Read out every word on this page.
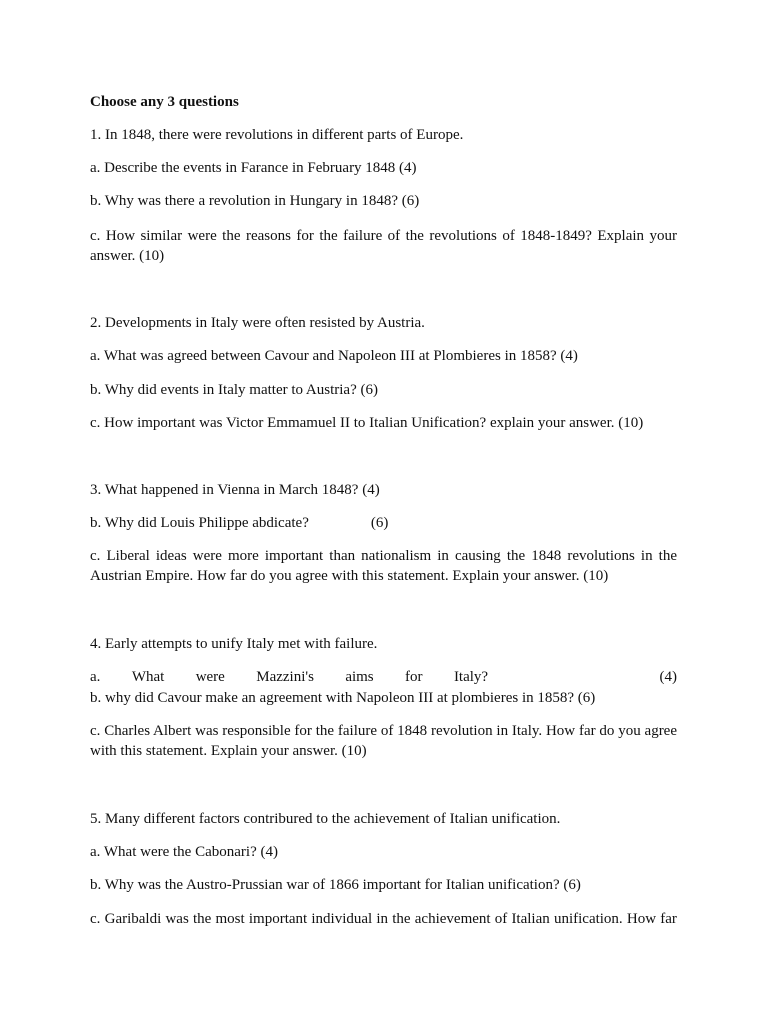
Choose any 3 questions
1. In 1848, there were revolutions in different parts of Europe.
a. Describe the events in Farance in February 1848 (4)
b. Why was there a revolution in Hungary in 1848? (6)
c. How similar were the reasons for the failure of the revolutions of 1848-1849? Explain your answer. (10)
2. Developments in Italy were often resisted by Austria.
a. What was agreed between Cavour and Napoleon III at Plombieres in 1858? (4)
b. Why did events in Italy matter to Austria? (6)
c. How important was Victor Emmamuel II to Italian Unification? explain your answer. (10)
3. What happened in Vienna in March 1848? (4)
b. Why did Louis Philippe abdicate?	(6)
c. Liberal ideas were more important than nationalism in causing the 1848 revolutions in the Austrian Empire. How far do you agree with this statement. Explain your answer. (10)
4. Early attempts to unify Italy met with failure.
a. What were Mazzini's aims for Italy?	(4)
b. why did Cavour make an agreement with Napoleon III at plombieres in 1858? (6)
c. Charles Albert was responsible for the failure of 1848 revolution in Italy. How far do you agree with this statement. Explain your answer. (10)
5. Many different factors contribured to the achievement of Italian unification.
a. What were the Cabonari? (4)
b. Why was the Austro-Prussian war of 1866 important for Italian unification? (6)
c. Garibaldi was the most important individual in the achievement of Italian unification. How far
